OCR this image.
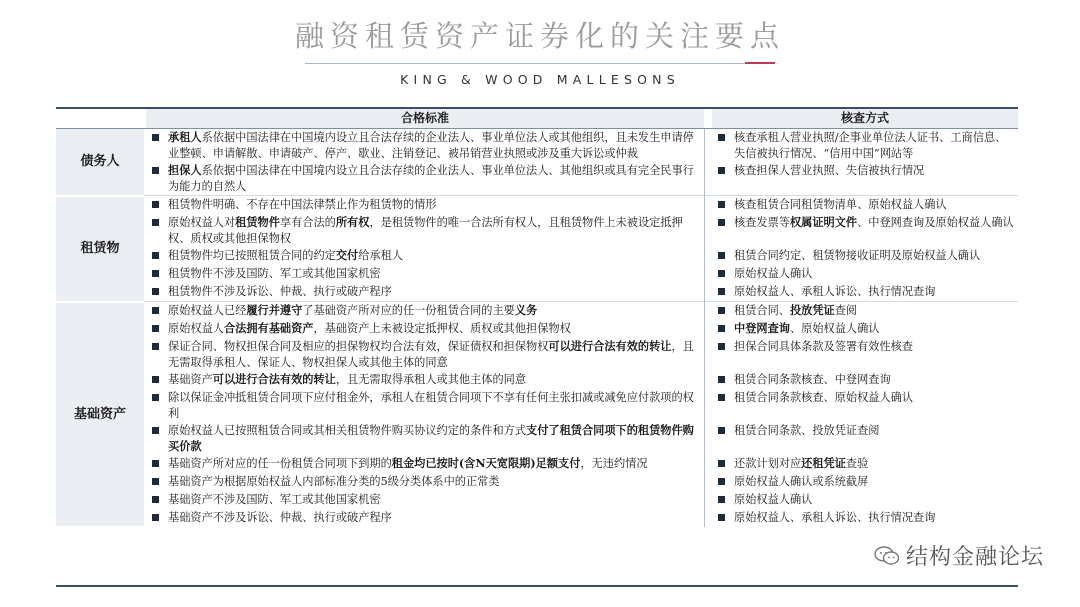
融资租赁资产证券化的关注要点
KING & WOOD MALLESONS
		合格标准		核查方式
债务人		承租人系依据中国法律在中国境内设立且合法存续的企业法人、事业单位法人或其他组织，且未发生申请停业整顿、申请解散、申请破产、停产、歇业、注销登记、被吊销营业执照或涉及重大诉讼或仲裁		核查承租人营业执照/企事业单位法人证书、工商信息、失信被执行情况、“信用中国”网站等

担保人系依据中国法律在中国境内设立且合法存续的企业法人、事业单位法人、其他组织或具有完全民事行为能力的自然人		核查担保人营业执照、失信被执行情况

租赁物		租赁物件明确、不存在中国法律禁止作为租赁物的情形		核查租赁合同租赁物清单、原始权益人确认

原始权益人对租赁物件享有合法的所有权，是租赁物件的唯一合法所有权人，且租赁物件上未被设定抵押权、质权或其他担保物权		核查发票等权属证明文件、中登网查询及原始权益人确认

租赁物件均已按照租赁合同的约定交付给承租人		租赁合同约定、租赁物接收证明及原始权益人确认

租赁物件不涉及国防、军工或其他国家机密		原始权益人确认

租赁物件不涉及诉讼、仲裁、执行或破产程序		原始权益人、承租人诉讼、执行情况查询

基础资产		原始权益人已经履行并遵守了基础资产所对应的任一份租赁合同的主要义务		租赁合同、投放凭证查阅

原始权益人合法拥有基础资产，基础资产上未被设定抵押权、质权或其他担保物权		中登网查询、原始权益人确认

保证合同、物权担保合同及相应的担保物权均合法有效，保证债权和担保物权可以进行合法有效的转让，且无需取得承租人、保证人、物权担保人或其他主体的同意		担保合同具体条款及签署有效性核查

基础资产可以进行合法有效的转让，且无需取得承租人或其他主体的同意		租赁合同条款核查、中登网查询

除以保证金冲抵租赁合同项下应付租金外，承租人在租赁合同项下不享有任何主张扣减或减免应付款项的权利		租赁合同条款核查、原始权益人确认

原始权益人已按照租赁合同或其相关租赁物件购买协议约定的条件和方式支付了租赁合同项下的租赁物件购买价款		租赁合同条款、投放凭证查阅

基础资产所对应的任一份租赁合同项下到期的租金均已按时(含N天宽限期)足额支付，无违约情况		还款计划对应还租凭证查验

基础资产为根据原始权益人内部标准分类的5级分类体系中的正常类		原始权益人确认或系统截屏

基础资产不涉及国防、军工或其他国家机密		原始权益人确认

基础资产不涉及诉讼、仲裁、执行或破产程序		原始权益人、承租人诉讼、执行情况查询
结构金融论坛
